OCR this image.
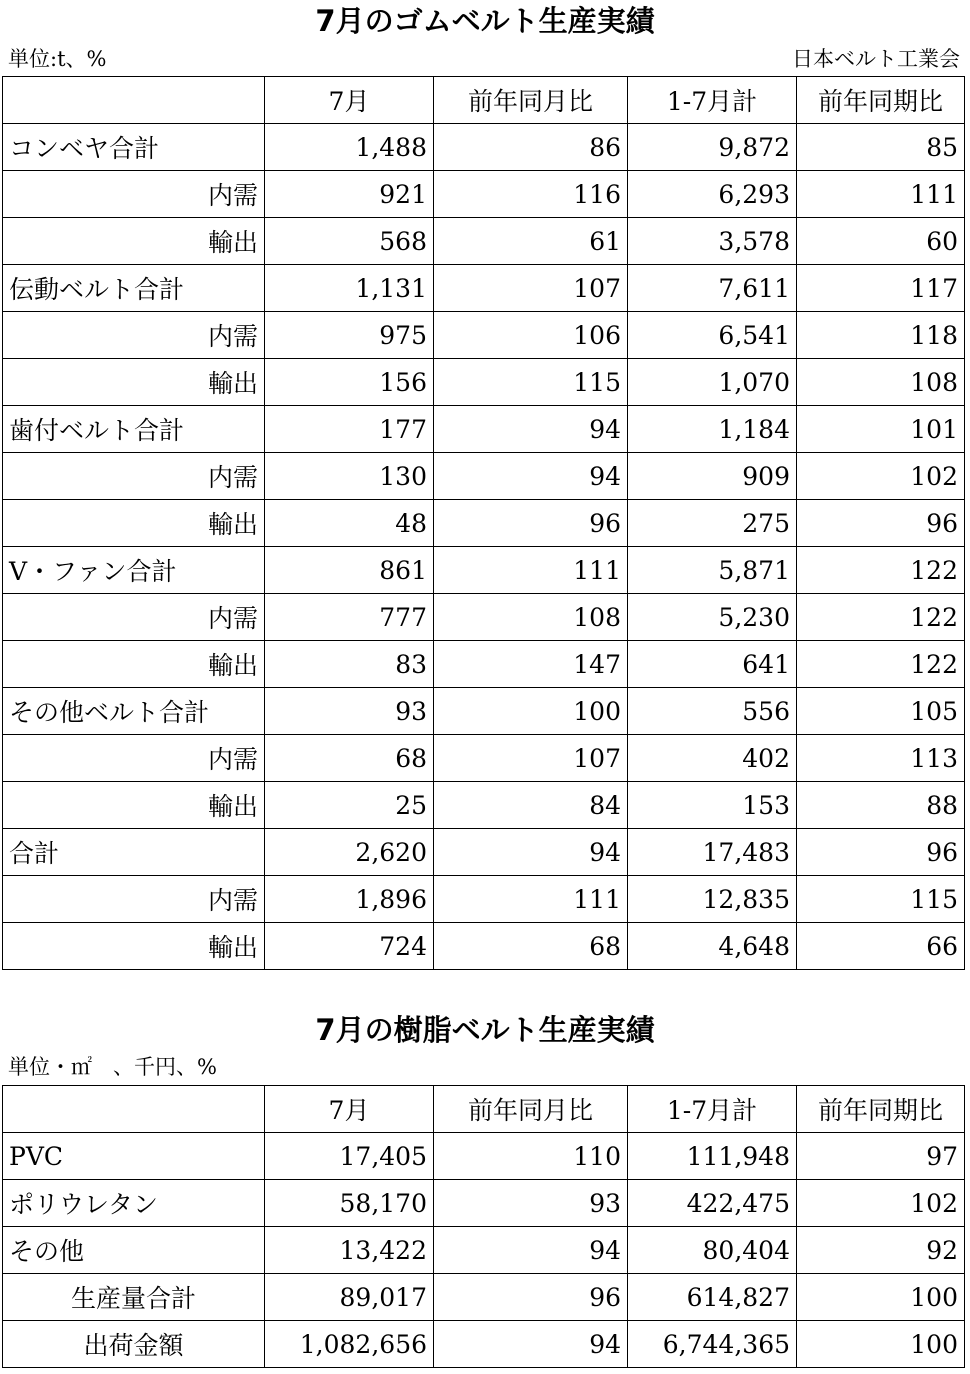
7月のゴムベルト生産実績
単位:t、%	日本ベルト工業会
	7月	前年同月比	1-7月計	前年同期比
コンベヤ合計	1,488	86	9,872	85
内需	921	116	6,293	111
輸出	568	61	3,578	60
伝動ベルト合計	1,131	107	7,611	117
内需	975	106	6,541	118
輸出	156	115	1,070	108
歯付ベルト合計	177	94	1,184	101
内需	130	94	909	102
輸出	48	96	275	96
V・ファン合計	861	111	5,871	122
内需	777	108	5,230	122
輸出	83	147	641	122
その他ベルト合計	93	100	556	105
内需	68	107	402	113
輸出	25	84	153	88
合計	2,620	94	17,483	96
内需	1,896	111	12,835	115
輸出	724	68	4,648	66
7月の樹脂ベルト生産実績
単位・㎡　、千円、%
	7月	前年同月比	1-7月計	前年同期比
PVC	17,405	110	111,948	97
ポリウレタン	58,170	93	422,475	102
その他	13,422	94	80,404	92
生産量合計	89,017	96	614,827	100
出荷金額	1,082,656	94	6,744,365	100
